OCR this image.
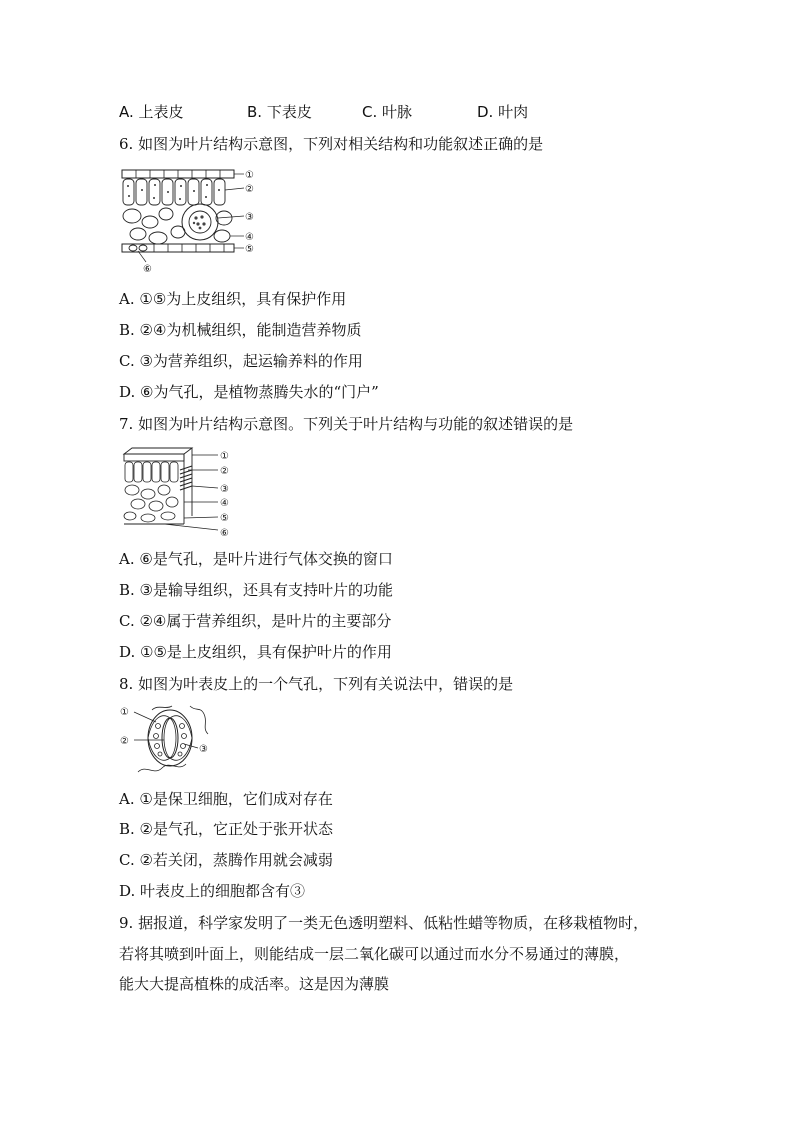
A. 上表皮	B. 下表皮	C. 叶脉	D. 叶肉
6. 如图为叶片结构示意图，下列对相关结构和功能叙述正确的是
①
②
③
④
⑤
⑥
A. ①⑤为上皮组织，具有保护作用
B. ②④为机械组织，能制造营养物质
C. ③为营养组织，起运输养料的作用
D. ⑥为气孔，是植物蒸腾失水的“门户”
7. 如图为叶片结构示意图。下列关于叶片结构与功能的叙述错误的是
①
②
③
④
⑤
⑥
A. ⑥是气孔，是叶片进行气体交换的窗口
B. ③是输导组织，还具有支持叶片的功能
C. ②④属于营养组织，是叶片的主要部分
D. ①⑤是上皮组织，具有保护叶片的作用
8. 如图为叶表皮上的一个气孔，下列有关说法中，错误的是
①
②
③
A. ①是保卫细胞，它们成对存在
B. ②是气孔，它正处于张开状态
C. ②若关闭，蒸腾作用就会减弱
D. 叶表皮上的细胞都含有③
9. 据报道，科学家发明了一类无色透明塑料、低粘性蜡等物质，在移栽植物时，
若将其喷到叶面上，则能结成一层二氧化碳可以通过而水分不易通过的薄膜，
能大大提高植株的成活率。这是因为薄膜
